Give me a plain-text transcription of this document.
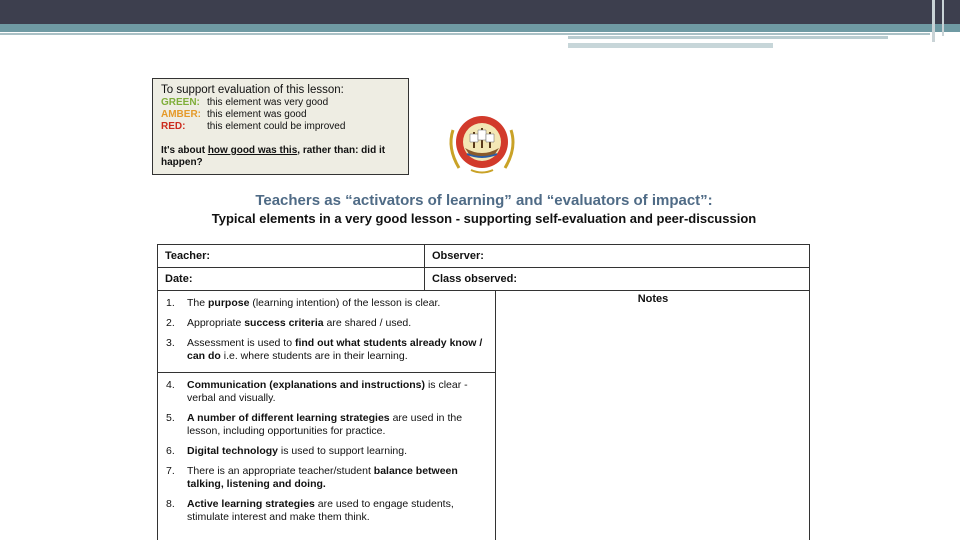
To support evaluation of this lesson:
GREEN: this element was very good
AMBER: this element was good
RED:	this element could be improved
It's about how good was this, rather than: did it happen?
Teachers as “activators of learning” and “evaluators of impact”:
Typical elements in a very good lesson - supporting self-evaluation and peer-discussion
Teacher:	Observer:
Date:	Class observed:
1.	The purpose (learning intention) of the lesson is clear.
2.	Appropriate success criteria are shared / used.
3.	Assessment is used to find out what students already know / can do i.e. where students are in their learning.
4.	Communication (explanations and instructions) is clear - verbal and visually.
5.	A number of different learning strategies are used in the lesson, including opportunities for practice.
6.	Digital technology is used to support learning.
7.	There is an appropriate teacher/student balance between talking, listening and doing.
8.	Active learning strategies are used to engage students, stimulate interest and make them think.
Notes
